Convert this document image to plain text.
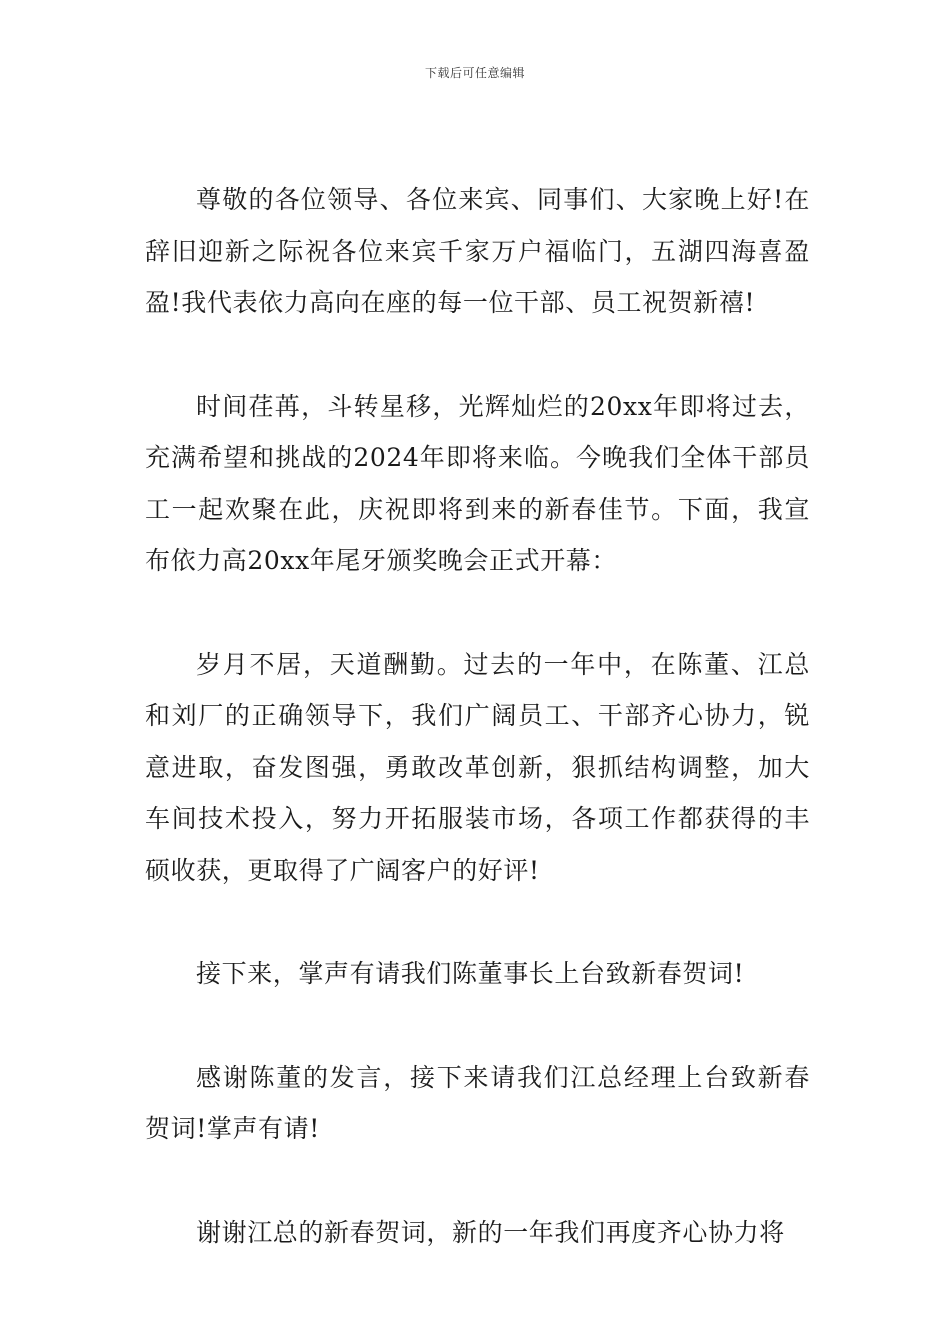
下载后可任意编辑

尊敬的各位领导、各位来宾、同事们、大家晚上好!在辞旧迎新之际祝各位来宾千家万户福临门，五湖四海喜盈盈!我代表依力高向在座的每一位干部、员工祝贺新禧!

时间荏苒，斗转星移，光辉灿烂的20xx年即将过去，充满希望和挑战的2024年即将来临。今晚我们全体干部员工一起欢聚在此，庆祝即将到来的新春佳节。下面，我宣布依力高20xx年尾牙颁奖晚会正式开幕：

岁月不居，天道酬勤。过去的一年中，在陈董、江总和刘厂的正确领导下，我们广阔员工、干部齐心协力，锐意进取，奋发图强，勇敢改革创新，狠抓结构调整，加大车间技术投入，努力开拓服装市场，各项工作都获得的丰硕收获，更取得了广阔客户的好评!

接下来，掌声有请我们陈董事长上台致新春贺词!

感谢陈董的发言，接下来请我们江总经理上台致新春贺词!掌声有请!

谢谢江总的新春贺词，新的一年我们再度齐心协力将
